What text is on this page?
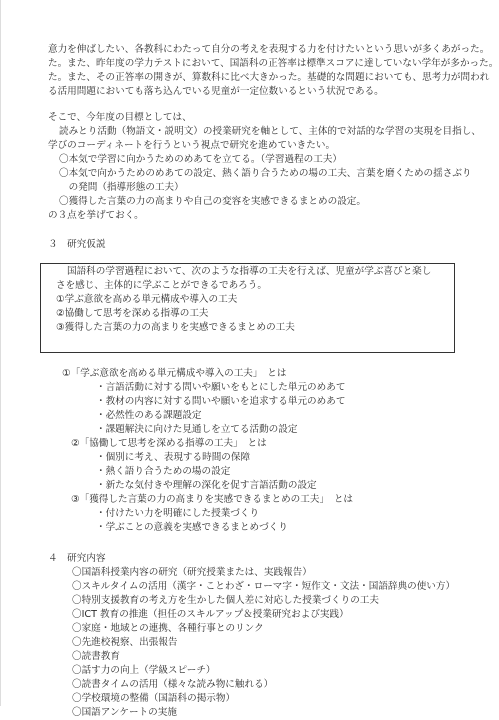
意力を伸ばしたい、各教科にわたって自分の考えを表現する力を付けたいという思いが多くあがった。
た。また、昨年度の学力テストにおいて、国語科の正答率は標準スコアに達していない学年が多かった。
た。また、その正答率の開きが、算数科に比べ大きかった。基礎的な問題においても、思考力が問われ
る活用問題においても落ち込んでいる児童が一定位数いるという状況である。
そこで、今年度の目標としては、
読みとり活動（物語文・説明文）の授業研究を軸として、主体的で対話的な学習の実現を目指し、
学びのコーディネートを行うという視点で研究を進めていきたい。
〇本気で学習に向かうためのめあてを立てる。（学習過程の工夫）
〇本気で向かうためのめあての設定、熱く語り合うための場の工夫、言葉を磨くための揺さぶり
　の発問（指導形態の工夫）
〇獲得した言葉の力の高まりや自己の変容を実感できるまとめの設定。
の３点を挙げておく。
３　研究仮説
国語科の学習過程において、次のような指導の工夫を行えば、児童が学ぶ喜びと楽し
さを感じ、主体的に学ぶことができるであろう。
①学ぶ意欲を高める単元構成や導入の工夫
②協働して思考を深める指導の工夫
③獲得した言葉の力の高まりを実感できるまとめの工夫
①「学ぶ意欲を高める単元構成や導入の工夫」　とは
・言語活動に対する問いや願いをもとにした単元のめあて
・教材の内容に対する問いや願いを追求する単元のめあて
・必然性のある課題設定
・課題解決に向けた見通しを立てる活動の設定
②「協働して思考を深める指導の工夫」　とは
・個別に考え、表現する時間の保障
・熱く語り合うための場の設定
・新たな気付きや理解の深化を促す言語活動の設定
③「獲得した言葉の力の高まりを実感できるまとめの工夫」　とは
・付けたい力を明確にした授業づくり
・学ぶことの意義を実感できるまとめづくり
４　研究内容
〇国語科授業内容の研究（研究授業または、実践報告）
〇スキルタイムの活用（漢字・ことわざ・ローマ字・短作文・文法・国語辞典の使い方）
〇特別支援教育の考え方を生かした個人差に対応した授業づくりの工夫
〇ICT 教育の推進（担任のスキルアップ＆授業研究および実践）
〇家庭・地域との連携、各種行事とのリンク
〇先進校視察、出張報告
〇読書教育
〇話す力の向上（学級スピーチ）
〇読書タイムの活用（様々な読み物に触れる）
〇学校環境の整備（国語科の掲示物）
〇国語アンケートの実施
